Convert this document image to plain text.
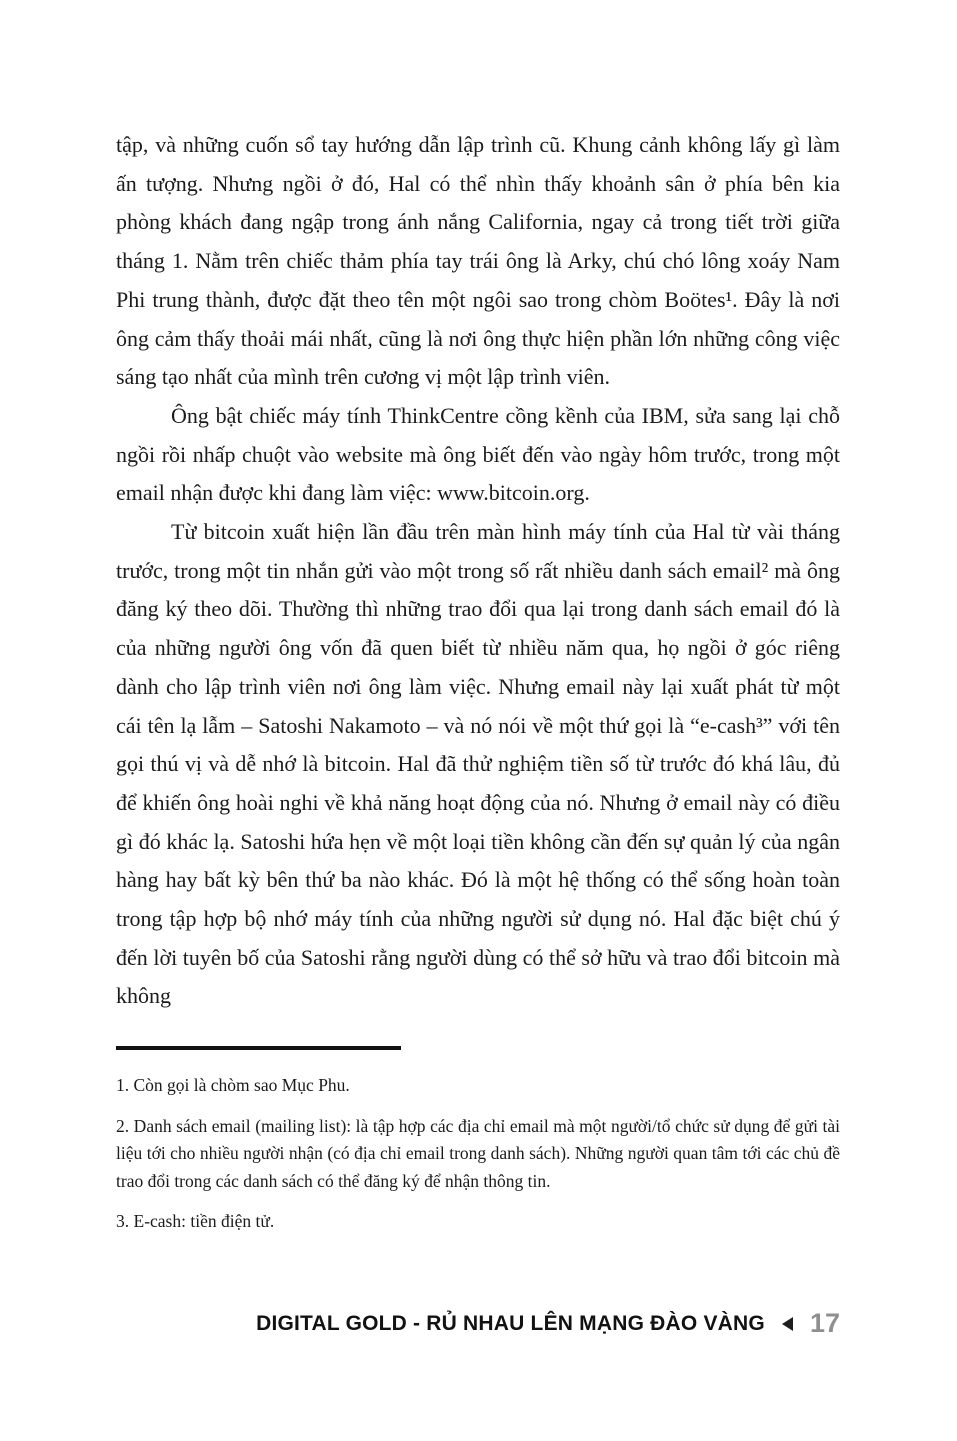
tập, và những cuốn sổ tay hướng dẫn lập trình cũ. Khung cảnh không lấy gì làm ấn tượng. Nhưng ngồi ở đó, Hal có thể nhìn thấy khoảnh sân ở phía bên kia phòng khách đang ngập trong ánh nắng California, ngay cả trong tiết trời giữa tháng 1. Nằm trên chiếc thảm phía tay trái ông là Arky, chú chó lông xoáy Nam Phi trung thành, được đặt theo tên một ngôi sao trong chòm Boötes¹. Đây là nơi ông cảm thấy thoải mái nhất, cũng là nơi ông thực hiện phần lớn những công việc sáng tạo nhất của mình trên cương vị một lập trình viên.

Ông bật chiếc máy tính ThinkCentre cồng kềnh của IBM, sửa sang lại chỗ ngồi rồi nhấp chuột vào website mà ông biết đến vào ngày hôm trước, trong một email nhận được khi đang làm việc: www.bitcoin.org.

Từ bitcoin xuất hiện lần đầu trên màn hình máy tính của Hal từ vài tháng trước, trong một tin nhắn gửi vào một trong số rất nhiều danh sách email² mà ông đăng ký theo dõi. Thường thì những trao đổi qua lại trong danh sách email đó là của những người ông vốn đã quen biết từ nhiều năm qua, họ ngồi ở góc riêng dành cho lập trình viên nơi ông làm việc. Nhưng email này lại xuất phát từ một cái tên lạ lẫm – Satoshi Nakamoto – và nó nói về một thứ gọi là “e-cash³” với tên gọi thú vị và dễ nhớ là bitcoin. Hal đã thử nghiệm tiền số từ trước đó khá lâu, đủ để khiến ông hoài nghi về khả năng hoạt động của nó. Nhưng ở email này có điều gì đó khác lạ. Satoshi hứa hẹn về một loại tiền không cần đến sự quản lý của ngân hàng hay bất kỳ bên thứ ba nào khác. Đó là một hệ thống có thể sống hoàn toàn trong tập hợp bộ nhớ máy tính của những người sử dụng nó. Hal đặc biệt chú ý đến lời tuyên bố của Satoshi rằng người dùng có thể sở hữu và trao đổi bitcoin mà không

1. Còn gọi là chòm sao Mục Phu.

2. Danh sách email (mailing list): là tập hợp các địa chỉ email mà một người/tổ chức sử dụng để gửi tài liệu tới cho nhiều người nhận (có địa chỉ email trong danh sách). Những người quan tâm tới các chủ đề trao đổi trong các danh sách có thể đăng ký để nhận thông tin.

3. E-cash: tiền điện tử.

DIGITAL GOLD - RỦ NHAU LÊN MẠNG ĐÀO VÀNG 17
